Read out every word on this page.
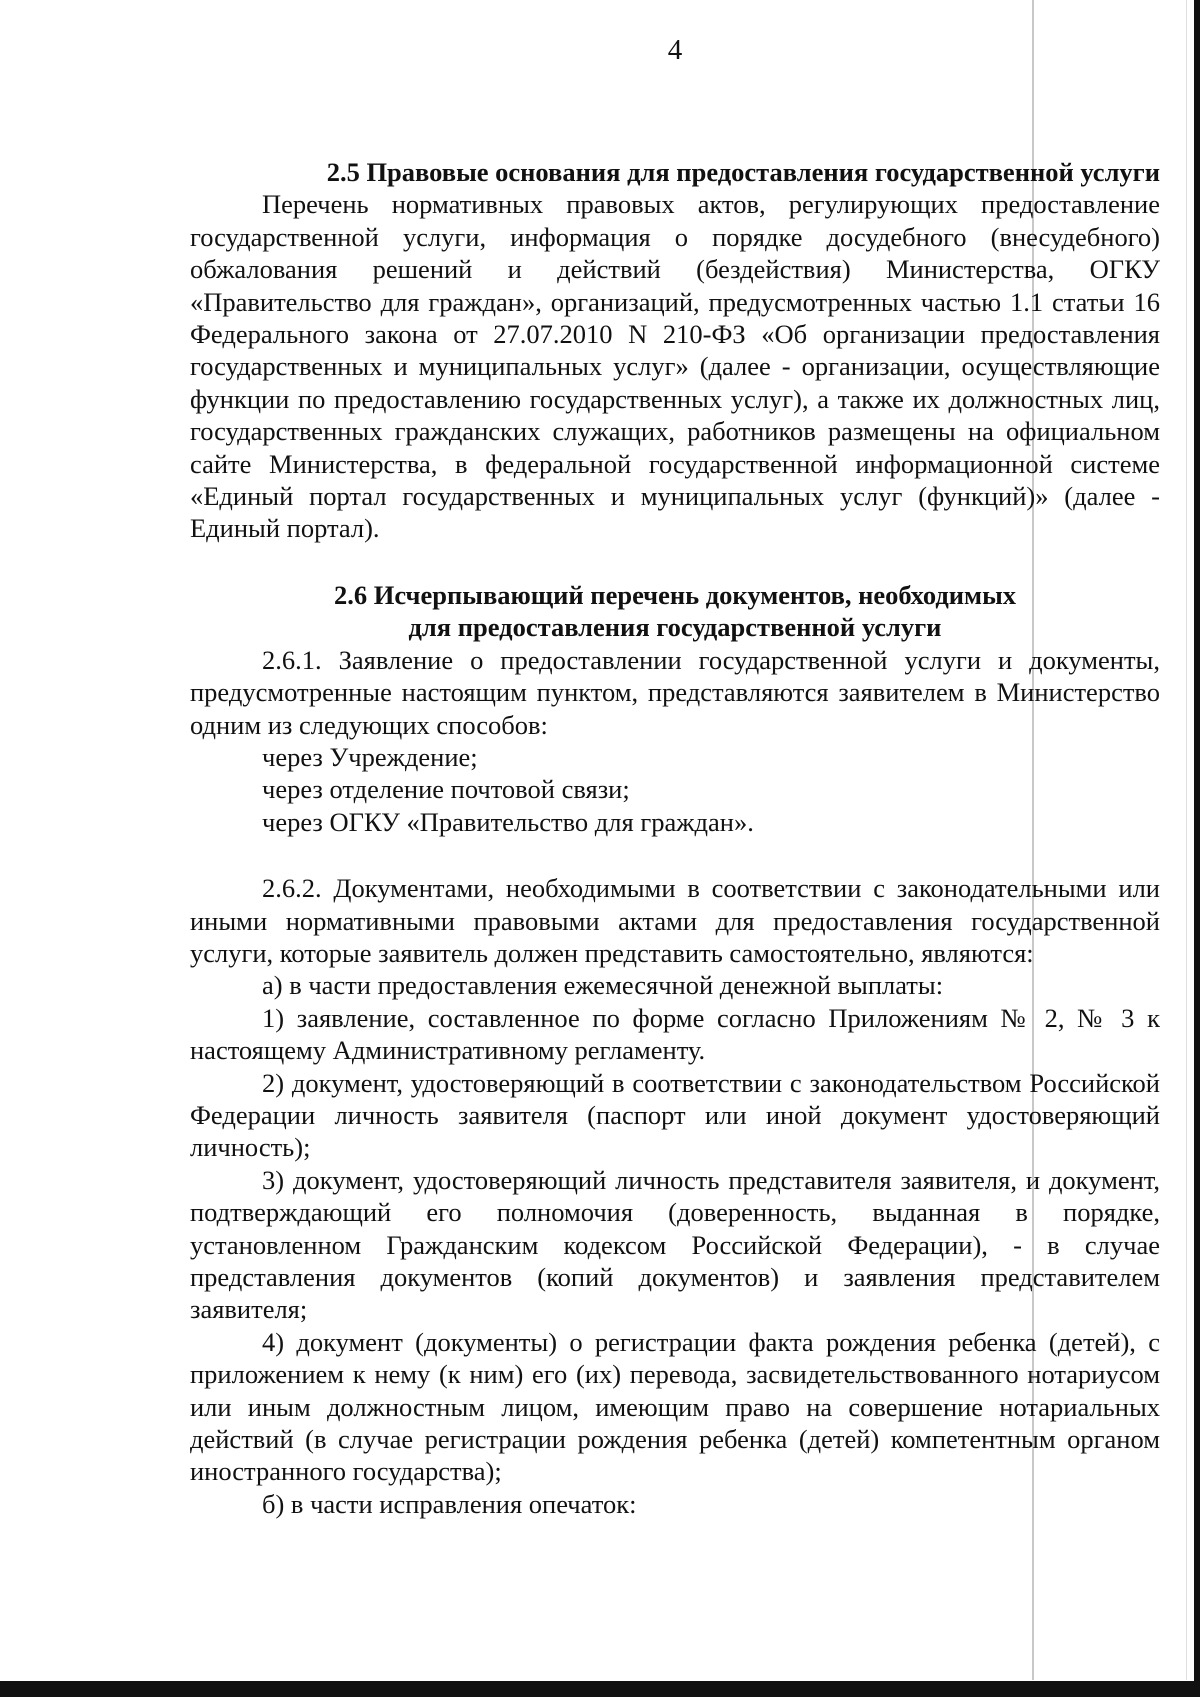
4
2.5 Правовые основания для предоставления государственной услуги

Перечень нормативных правовых актов, регулирующих предоставление государственной услуги, информация о порядке досудебного (внесудебного) обжалования решений и действий (бездействия) Министерства, ОГКУ «Правительство для граждан», организаций, предусмотренных частью 1.1 статьи 16 Федерального закона от 27.07.2010 N 210-ФЗ «Об организации предоставления государственных и муниципальных услуг» (далее - организации, осуществляющие функции по предоставлению государственных услуг), а также их должностных лиц, государственных гражданских служащих, работников размещены на официальном сайте Министерства, в федеральной государственной информационной системе «Единый портал государственных и муниципальных услуг (функций)» (далее - Единый портал).

2.6 Исчерпывающий перечень документов, необходимых
для предоставления государственной услуги

2.6.1. Заявление о предоставлении государственной услуги и документы, предусмотренные настоящим пунктом, представляются заявителем в Министерство одним из следующих способов:

через Учреждение;
через отделение почтовой связи;
через ОГКУ «Правительство для граждан».

2.6.2. Документами, необходимыми в соответствии с законодательными или иными нормативными правовыми актами для предоставления государственной услуги, которые заявитель должен представить самостоятельно, являются:

а) в части предоставления ежемесячной денежной выплаты:

1) заявление, составленное по форме согласно Приложениям № 2, № 3 к настоящему Административному регламенту.

2) документ, удостоверяющий в соответствии с законодательством Российской Федерации личность заявителя (паспорт или иной документ удостоверяющий личность);

3) документ, удостоверяющий личность представителя заявителя, и документ, подтверждающий его полномочия (доверенность, выданная в порядке, установленном Гражданским кодексом Российской Федерации), - в случае представления документов (копий документов) и заявления представителем заявителя;

4) документ (документы) о регистрации факта рождения ребенка (детей), с приложением к нему (к ним) его (их) перевода, засвидетельствованного нотариусом или иным должностным лицом, имеющим право на совершение нотариальных действий (в случае регистрации рождения ребенка (детей) компетентным органом иностранного государства);

б) в части исправления опечаток:
